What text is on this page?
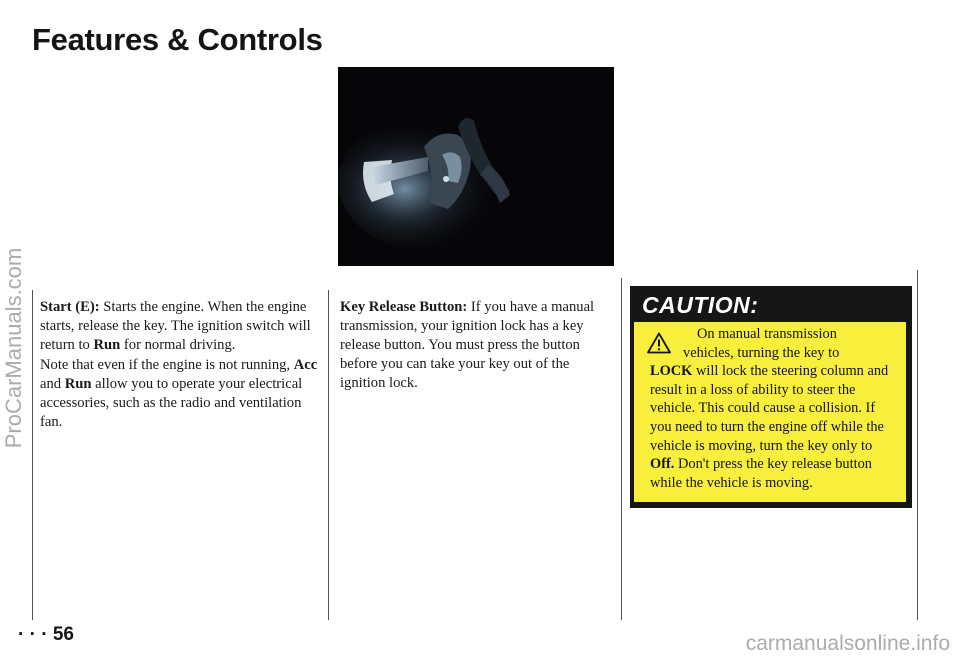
Features & Controls

Start (E): Starts the engine. When the engine starts, release the key. The ignition switch will return to Run for normal driving.

Note that even if the engine is not running, Acc and Run allow you to operate your electrical accessories, such as the radio and ventilation fan.

Key Release Button: If you have a manual transmission, your ignition lock has a key release button. You must press the button before you can take your key out of the ignition lock.

CAUTION:

On manual transmission
vehicles, turning the key to
LOCK will lock the steering column and result in a loss of ability to steer the vehicle. This could cause a collision. If you need to turn the engine off while the vehicle is moving, turn the key only to Off. Don't press the key release button while the vehicle is moving.

· · · 56

ProCarManuals.com
carmanualsonline.info
